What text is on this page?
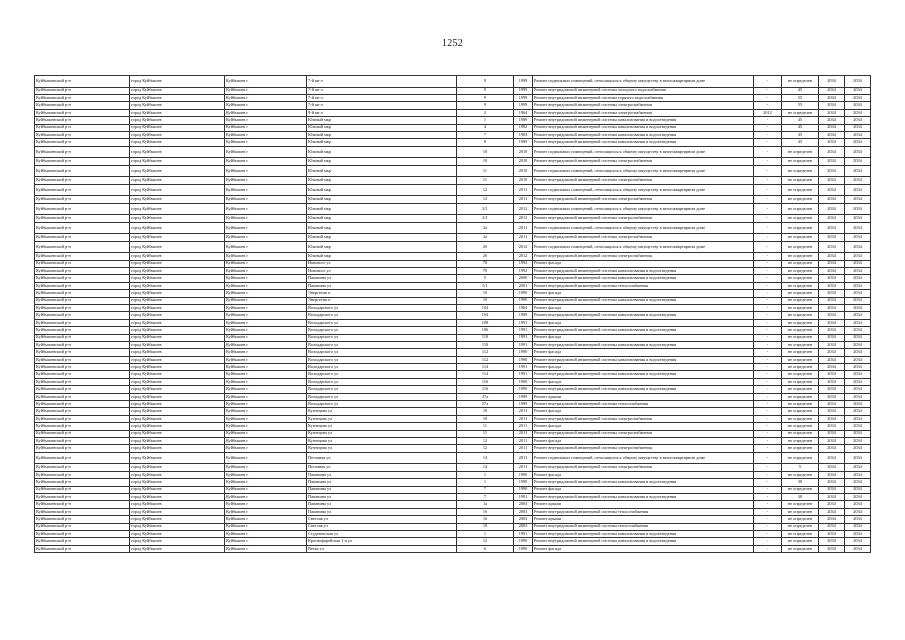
1252
Куйбышевский р-н	город Куйбышев	Куйбышев г	7-й кв-л	9	1999	Ремонт подвальных помещений, относящихся к общему имуществу в многоквартирном доме	-	не определен	2034	2034
Куйбышевский р-н	город Куйбышев	Куйбышев г	7-й кв-л	9	1999	Ремонт внутридомовой инженерной системы холодного водоснабжения	-	45	2034	2034
Куйбышевский р-н	город Куйбышев	Куйбышев г	7-й кв-л	9	1999	Ремонт внутридомовой инженерной системы горячего водоснабжения	-	55	2034	2034
Куйбышевский р-н	город Куйбышев	Куйбышев г	7-й кв-л	9	1999	Ремонт внутридомовой инженерной системы электроснабжения	-	55	2034	2034
Куйбышевский р-н	город Куйбышев	Куйбышев г	9-й кв-л	2	1964	Ремонт внутридомовой инженерной системы электроснабжения	2012	не определен	2034	2034
Куйбышевский р-н	город Куйбышев	Куйбышев г	Южный мкр	1	1989	Ремонт внутридомовой инженерной системы канализования и водоотведения	-	45	2034	2034
Куйбышевский р-н	город Куйбышев	Куйбышев г	Южный мкр	4	1982	Ремонт внутридомовой инженерной системы канализования и водоотведения	-	45	2034	2034
Куйбышевский р-н	город Куйбышев	Куйбышев г	Южный мкр	7	1983	Ремонт внутридомовой инженерной системы канализования и водоотведения	-	45	2034	2034
Куйбышевский р-н	город Куйбышев	Куйбышев г	Южный мкр	8	1989	Ремонт внутридомовой инженерной системы канализования и водоотведения	-	45	2034	2034
Куйбышевский р-н	город Куйбышев	Куйбышев г	Южный мкр	10	2010	Ремонт подвальных помещений, относящихся к общему имуществу в многоквартирном доме	-	не определен	2034	2034
Куйбышевский р-н	город Куйбышев	Куйбышев г	Южный мкр	10	2010	Ремонт внутридомовой инженерной системы электроснабжения	-	не определен	2034	2034
Куйбышевский р-н	город Куйбышев	Куйбышев г	Южный мкр	11	2010	Ремонт подвальных помещений, относящихся к общему имуществу в многоквартирном доме	-	не определен	2034	2034
Куйбышевский р-н	город Куйбышев	Куйбышев г	Южный мкр	11	2010	Ремонт внутридомовой инженерной системы электроснабжения	-	не определен	2034	2034
Куйбышевский р-н	город Куйбышев	Куйбышев г	Южный мкр	12	2011	Ремонт подвальных помещений, относящихся к общему имуществу в многоквартирном доме	-	не определен	2034	2034
Куйбышевский р-н	город Куйбышев	Куйбышев г	Южный мкр	12	2011	Ремонт внутридомовой инженерной системы электроснабжения	-	не определен	2034	2034
Куйбышевский р-н	город Куйбышев	Куйбышев г	Южный мкр	2/1	2012	Ремонт подвальных помещений, относящихся к общему имуществу в многоквартирном доме	-	не определен	2034	2034
Куйбышевский р-н	город Куйбышев	Куйбышев г	Южный мкр	2/1	2012	Ремонт внутридомовой инженерной системы электроснабжения	-	не определен	2034	2034
Куйбышевский р-н	город Куйбышев	Куйбышев г	Южный мкр	2а	2011	Ремонт подвальных помещений, относящихся к общему имуществу в многоквартирном доме	-	не определен	2034	2034
Куйбышевский р-н	город Куйбышев	Куйбышев г	Южный мкр	2а	2011	Ремонт внутридомовой инженерной системы электроснабжения	-	не определен	2034	2034
Куйбышевский р-н	город Куйбышев	Куйбышев г	Южный мкр	2б	2012	Ремонт подвальных помещений, относящихся к общему имуществу в многоквартирном доме	-	не определен	2034	2034
Куйбышевский р-н	город Куйбышев	Куйбышев г	Южный мкр	2б	2012	Ремонт внутридомовой инженерной системы электроснабжения	-	не определен	2034	2034
Куйбышевский р-н	город Куйбышев	Куйбышев г	Новового ул	70	1992	Ремонт фасада	-	не определен	2034	2034
Куйбышевский р-н	город Куйбышев	Куйбышев г	Новового ул	70	1992	Ремонт внутридомовой инженерной системы канализования и водоотведения	-	не определен	2034	2034
Куйбышевский р-н	город Куйбышев	Куйбышев г	Папанина ул	5	2000	Ремонт внутридомовой инженерной системы канализования и водоотведения	-	не определен	2034	2034
Куйбышевский р-н	город Куйбышев	Куйбышев г	Папанина ул	5/1	2001	Ремонт внутридомовой инженерной системы теплоснабжения	-	не определен	2034	2034
Куйбышевский р-н	город Куйбышев	Куйбышев г	Энергетик п	1б	1990	Ремонт фасада	-	не определен	2034	2034
Куйбышевский р-н	город Куйбышев	Куйбышев г	Энергетик п	1б	1990	Ремонт внутридомовой инженерной системы канализования и водоотведения	-	не определен	2034	2034
Куйбышевский р-н	город Куйбышев	Куйбышев г	Володарского ул	104	1964	Ремонт фасада	-	не определен	2034	2034
Куйбышевский р-н	город Куйбышев	Куйбышев г	Володарского ул	104	1989	Ремонт внутридомовой инженерной системы канализования и водоотведения	-	не определен	2034	2034
Куйбышевский р-н	город Куйбышев	Куйбышев г	Володарского ул	108	1991	Ремонт фасада	-	не определен	2034	2034
Куйбышевский р-н	город Куйбышев	Куйбышев г	Володарского ул	106	1991	Ремонт внутридомовой инженерной системы канализования и водоотведения	-	не определен	2034	2034
Куйбышевский р-н	город Куйбышев	Куйбышев г	Володарского ул	110	1991	Ремонт фасада	-	не определен	2034	2034
Куйбышевский р-н	город Куйбышев	Куйбышев г	Володарского ул	110	1991	Ремонт внутридомовой инженерной системы канализования и водоотведения	-	не определен	2034	2034
Куйбышевский р-н	город Куйбышев	Куйбышев г	Володарского ул	112	1990	Ремонт фасада	-	не определен	2034	2034
Куйбышевский р-н	город Куйбышев	Куйбышев г	Володарского ул	112	1990	Ремонт внутридомовой инженерной системы канализования и водоотведения	-	не определен	2034	2034
Куйбышевский р-н	город Куйбышев	Куйбышев г	Володарского ул	114	1991	Ремонт фасада	-	не определен	2034	2034
Куйбышевский р-н	город Куйбышев	Куйбышев г	Володарского ул	114	1991	Ремонт внутридомовой инженерной системы канализования и водоотведения	-	не определен	2034	2034
Куйбышевский р-н	город Куйбышев	Куйбышев г	Володарского ул	116	1990	Ремонт фасада	-	не определен	2034	2034
Куйбышевский р-н	город Куйбышев	Куйбышев г	Володарского ул	116	1990	Ремонт внутридомовой инженерной системы канализования и водоотведения	-	не определен	2034	2034
Куйбышевский р-н	город Куйбышев	Куйбышев г	Володарского ул	37а	1989	Ремонт крыши	-	не определен	2034	2034
Куйбышевский р-н	город Куйбышев	Куйбышев г	Володарского ул	57а	1999	Ремонт внутридомовой инженерной системы теплоснабжения	-	не определен	2034	2034
Куйбышевский р-н	город Куйбышев	Куйбышев г	Кузнецова ул	10	2011	Ремонт фасада	-	не определен	2034	2034
Куйбышевский р-н	город Куйбышев	Куйбышев г	Кузнецова ул	10	2011	Ремонт внутридомовой инженерной системы электроснабжения	-	не определен	2034	2034
Куйбышевский р-н	город Куйбышев	Куйбышев г	Кузнецова ул	11	2011	Ремонт фасада	-	не определен	2034	2034
Куйбышевский р-н	город Куйбышев	Куйбышев г	Кузнецова ул	11	2011	Ремонт внутридомовой инженерной системы электроснабжения	-	не определен	2034	2034
Куйбышевский р-н	город Куйбышев	Куйбышев г	Кузнецова ул	12	2011	Ремонт фасада	-	не определен	2034	2034
Куйбышевский р-н	город Куйбышев	Куйбышев г	Кузнецова ул	12	2011	Ремонт внутридомовой инженерной системы электроснабжения	-	не определен	2034	2034
Куйбышевский р-н	город Куйбышев	Куйбышев г	Песчаная ул	14	2011	Ремонт подвальных помещений, относящихся к общему имуществу в многоквартирном доме	-	не определен	2034	2034
Куйбышевский р-н	город Куйбышев	Куйбышев г	Песчаная ул	14	2011	Ремонт внутридомовой инженерной системы электроснабжения	-	5	2034	2034
Куйбышевский р-н	город Куйбышев	Куйбышев г	Папанина ул	1	1990	Ремонт фасада	-	не определен	2034	2034
Куйбышевский р-н	город Куйбышев	Куйбышев г	Папанина ул	1	1990	Ремонт внутридомовой инженерной системы канализования и водоотведения	-	30	2034	2034
Куйбышевский р-н	город Куйбышев	Куйбышев г	Папанина ул	7	1990	Ремонт фасада	-	не определен	2034	2034
Куйбышевский р-н	город Куйбышев	Куйбышев г	Папанина ул	7	1991	Ремонт внутридомовой инженерной системы канализования и водоотведения	-	30	2034	2034
Куйбышевский р-н	город Куйбышев	Куйбышев г	Папанина ул	1а	2003	Ремонт крыши	-	не определен	2034	2034
Куйбышевский р-н	город Куйбышев	Куйбышев г	Папанина ул	1б	2003	Ремонт внутридомовой инженерной системы теплоснабжения	-	не определен	2034	2034
Куйбышевский р-н	город Куйбышев	Куйбышев г	Светлая ул	10	2003	Ремонт крыши	-	не определен	2034	2034
Куйбышевский р-н	город Куйбышев	Куйбышев г	Светлая ул	10	2003	Ремонт внутридомовой инженерной системы теплоснабжения	-	не определен	2034	2034
Куйбышевский р-н	город Куйбышев	Куйбышев г	Студенческая ул	1	1991	Ремонт внутридомовой инженерной системы канализования и водоотведения	-	не определен	2034	2034
Куйбышевский р-н	город Куйбышев	Куйбышев г	Краснофарейская 1-я ул	12	1990	Ремонт внутридомовой инженерной системы канализования и водоотведения	-	не определен	2034	2034
Куйбышевский р-н	город Куйбышев	Куйбышев г	Ветка ул	6	1990	Ремонт фасада	-	не определен	2034	2034
